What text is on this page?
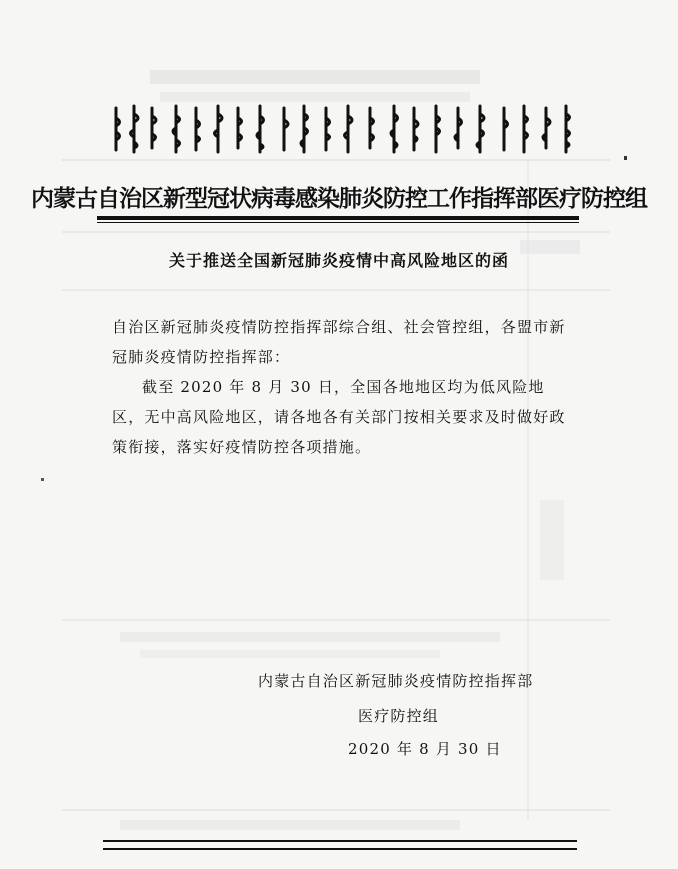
内蒙古自治区新型冠状病毒感染肺炎防控工作指挥部医疗防控组
关于推送全国新冠肺炎疫情中高风险地区的函

自治区新冠肺炎疫情防控指挥部综合组、社会管控组，各盟市新冠肺炎疫情防控指挥部：

截至 2020 年 8 月 30 日，全国各地地区均为低风险地区，无中高风险地区，请各地各有关部门按相关要求及时做好政策衔接，落实好疫情防控各项措施。

内蒙古自治区新冠肺炎疫情防控指挥部
医疗防控组
2020 年 8 月 30 日
